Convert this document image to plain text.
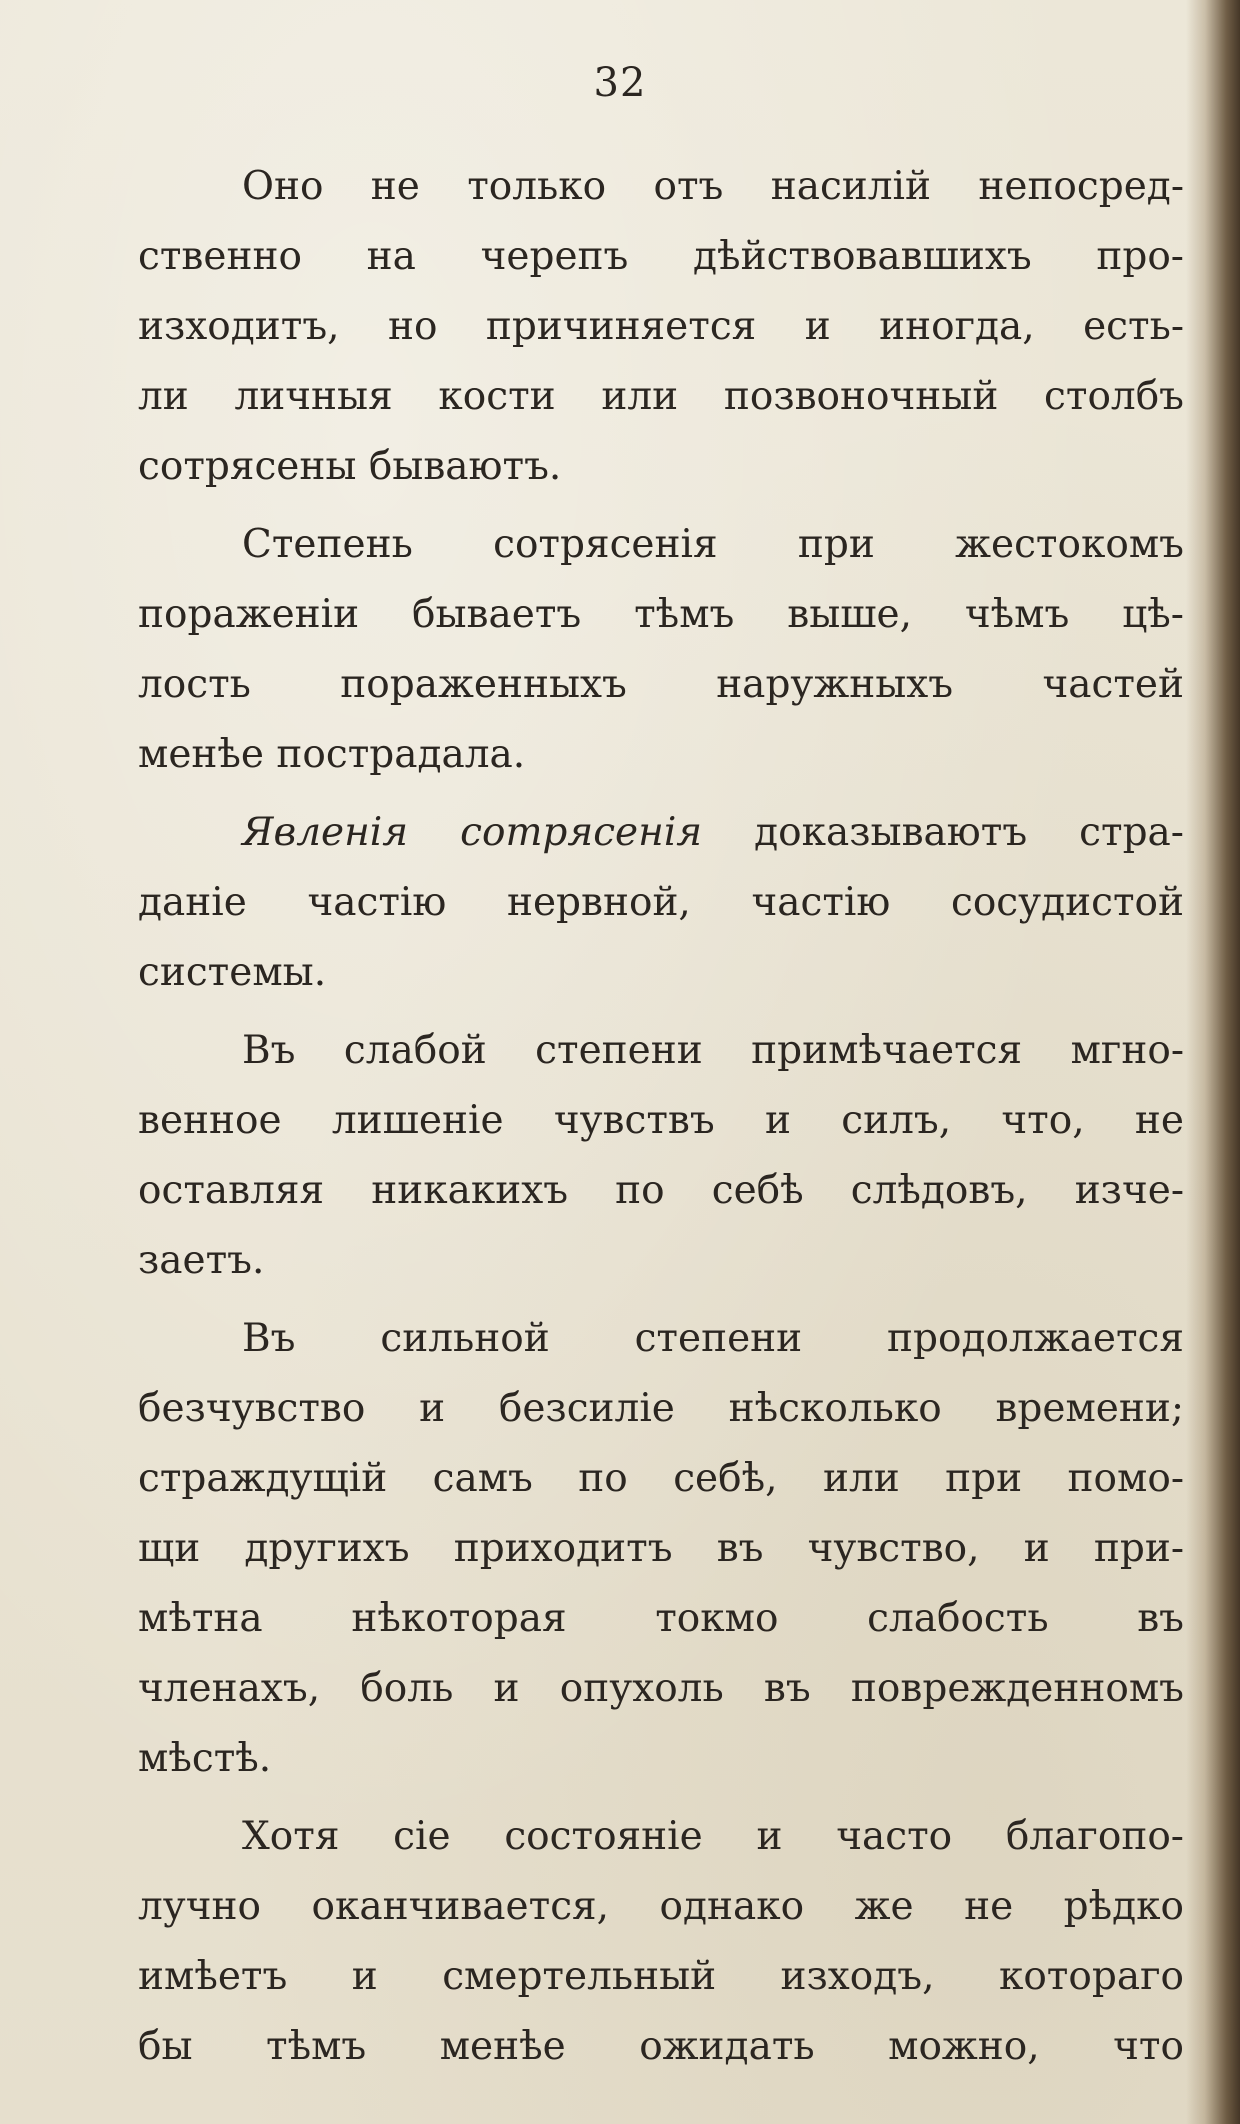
32
Оно не только отъ насилій непосред-
ственно на черепъ дѣйствовавшихъ про-
изходитъ, но причиняется и иногда, есть-
ли личныя кости или позвоночный столбъ
сотрясены бываютъ.
Степень сотрясенія при жестокомъ
пораженіи бываетъ тѣмъ выше, чѣмъ цѣ-
лость пораженныхъ наружныхъ частей
менѣе пострадала.
Явленія сотрясенія доказываютъ стра-
даніе частію нервной, частію сосудистой
системы.
Въ слабой степени примѣчается мгно-
венное лишеніе чувствъ и силъ, что, не
оставляя никакихъ по себѣ слѣдовъ, изче-
заетъ.
Въ сильной степени продолжается
безчувство и безсиліе нѣсколько времени;
страждущій самъ по себѣ, или при помо-
щи другихъ приходитъ въ чувство, и при-
мѣтна нѣкоторая токмо слабость въ
членахъ, боль и опухоль въ поврежденномъ
мѣстѣ.
Хотя сіе состояніе и часто благопо-
лучно оканчивается, однако же не рѣдко
имѣетъ и смертельный изходъ, котораго
бы тѣмъ менѣе ожидать можно, что
